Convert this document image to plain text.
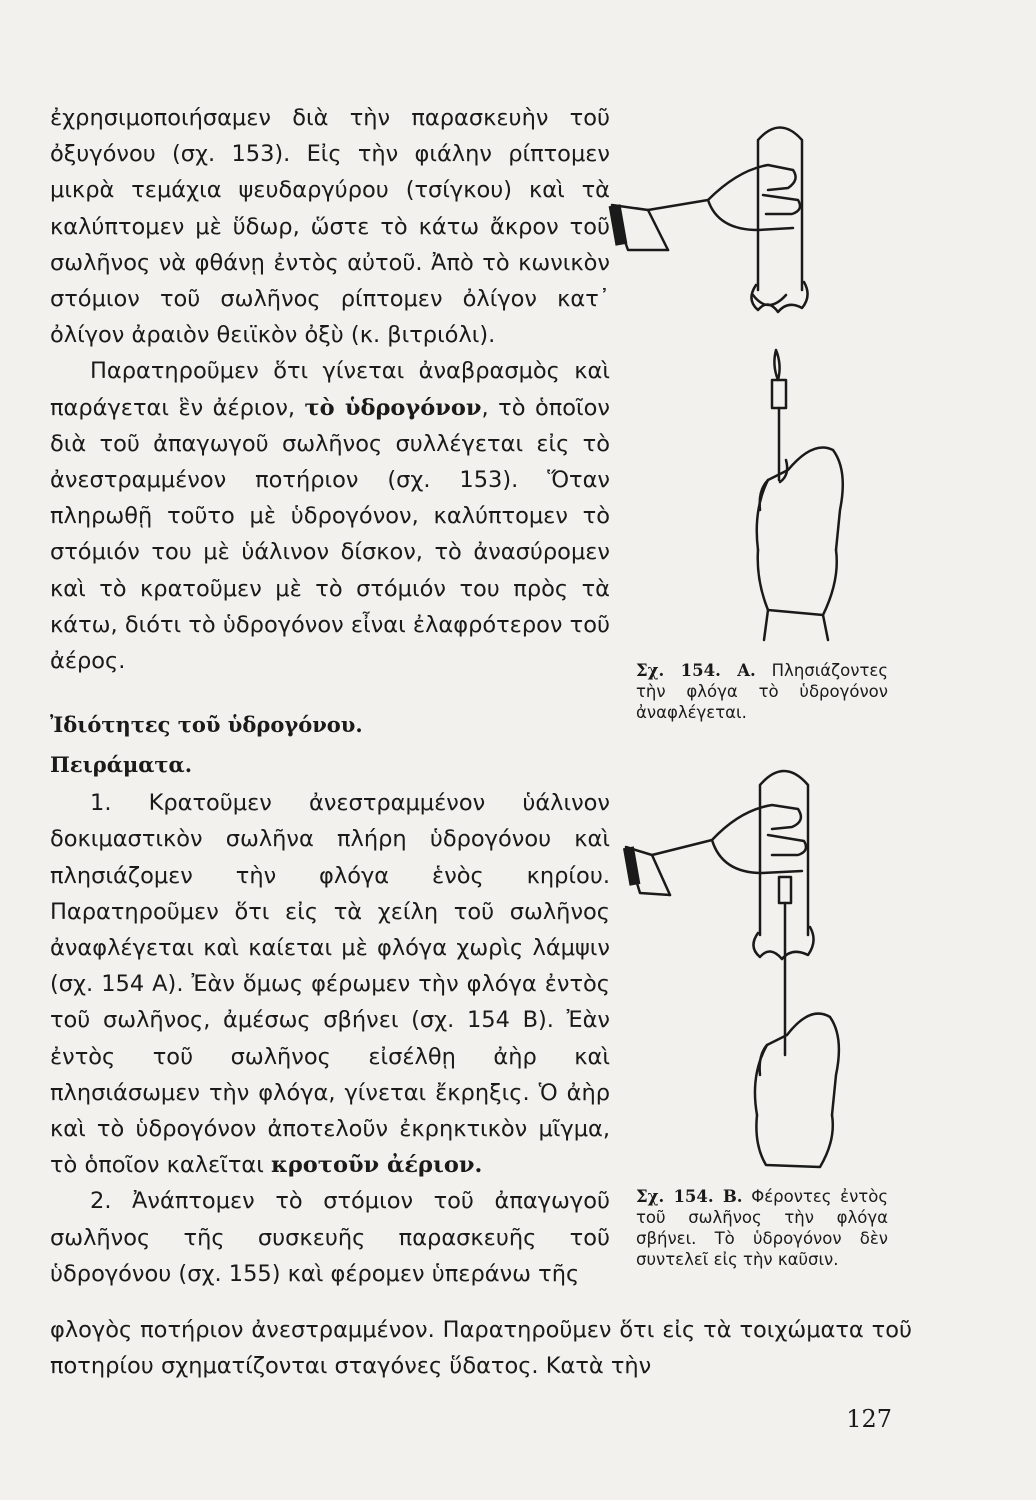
ἐχρησιμοποιήσαμεν διὰ τὴν παρασκευὴν τοῦ ὀξυγόνου (σχ. 153). Εἰς τὴν φιάλην ρίπτομεν μικρὰ τεμάχια ψευδαργύρου (τσίγκου) καὶ τὰ καλύπτομεν μὲ ὕδωρ, ὥστε τὸ κάτω ἄκρον τοῦ σωλῆνος νὰ φθάνῃ ἐντὸς αὐτοῦ. Ἀπὸ τὸ κωνικὸν στόμιον τοῦ σωλῆνος ρίπτομεν ὀλίγον κατ᾽ ὀλίγον ἀραιὸν θειϊκὸν ὀξὺ (κ. βιτριόλι).

Παρατηροῦμεν ὅτι γίνεται ἀναβρασμὸς καὶ παράγεται ἓν ἀέριον, τὸ ὑδρογόνον, τὸ ὁποῖον διὰ τοῦ ἀπαγωγοῦ σωλῆνος συλλέγεται εἰς τὸ ἀνεστραμμένον ποτήριον (σχ. 153). Ὅταν πληρωθῇ τοῦτο μὲ ὑδρογόνον, καλύπτομεν τὸ στόμιόν του μὲ ὑάλινον δίσκον, τὸ ἀνασύρομεν καὶ τὸ κρατοῦμεν μὲ τὸ στόμιόν του πρὸς τὰ κάτω, διότι τὸ ὑδρογόνον εἶναι ἐλαφρότερον τοῦ ἀέρος.

Ἰδιότητες τοῦ ὑδρογόνου.
Πειράματα.

1. Κρατοῦμεν ἀνεστραμμένον ὑάλινον δοκιμαστικὸν σωλῆνα πλήρη ὑδρογόνου καὶ πλησιάζομεν τὴν φλόγα ἑνὸς κηρίου. Παρατηροῦμεν ὅτι εἰς τὰ χείλη τοῦ σωλῆνος ἀναφλέγεται καὶ καίεται μὲ φλόγα χωρὶς λάμψιν (σχ. 154 Α). Ἐὰν ὅμως φέρωμεν τὴν φλόγα ἐντὸς τοῦ σωλῆνος, ἀμέσως σβήνει (σχ. 154 Β). Ἐὰν ἐντὸς τοῦ σωλῆνος εἰσέλθῃ ἀὴρ καὶ πλησιάσωμεν τὴν φλόγα, γίνεται ἔκρηξις. Ὁ ἀὴρ καὶ τὸ ὑδρογόνον ἀποτελοῦν ἐκρηκτικὸν μῖγμα, τὸ ὁποῖον καλεῖται κροτοῦν ἀέριον.

2. Ἀνάπτομεν τὸ στόμιον τοῦ ἀπαγωγοῦ σωλῆνος τῆς συσκευῆς παρασκευῆς τοῦ ὑδρογόνου (σχ. 155) καὶ φέρομεν ὑπεράνω τῆς

φλογὸς ποτήριον ἀνεστραμμένον. Παρατηροῦμεν ὅτι εἰς τὰ τοιχώματα τοῦ ποτηρίου σχηματίζονται σταγόνες ὕδατος. Κατὰ τὴν

Σχ. 154. Α. Πλησιάζοντες τὴν φλόγα τὸ ὑδρογόνον ἀναφλέγεται.
Σχ. 154. Β. Φέροντες ἐντὸς τοῦ σωλῆνος τὴν φλόγα σβήνει. Τὸ ὑδρογόνον δὲν συντελεῖ εἰς τὴν καῦσιν.
127
